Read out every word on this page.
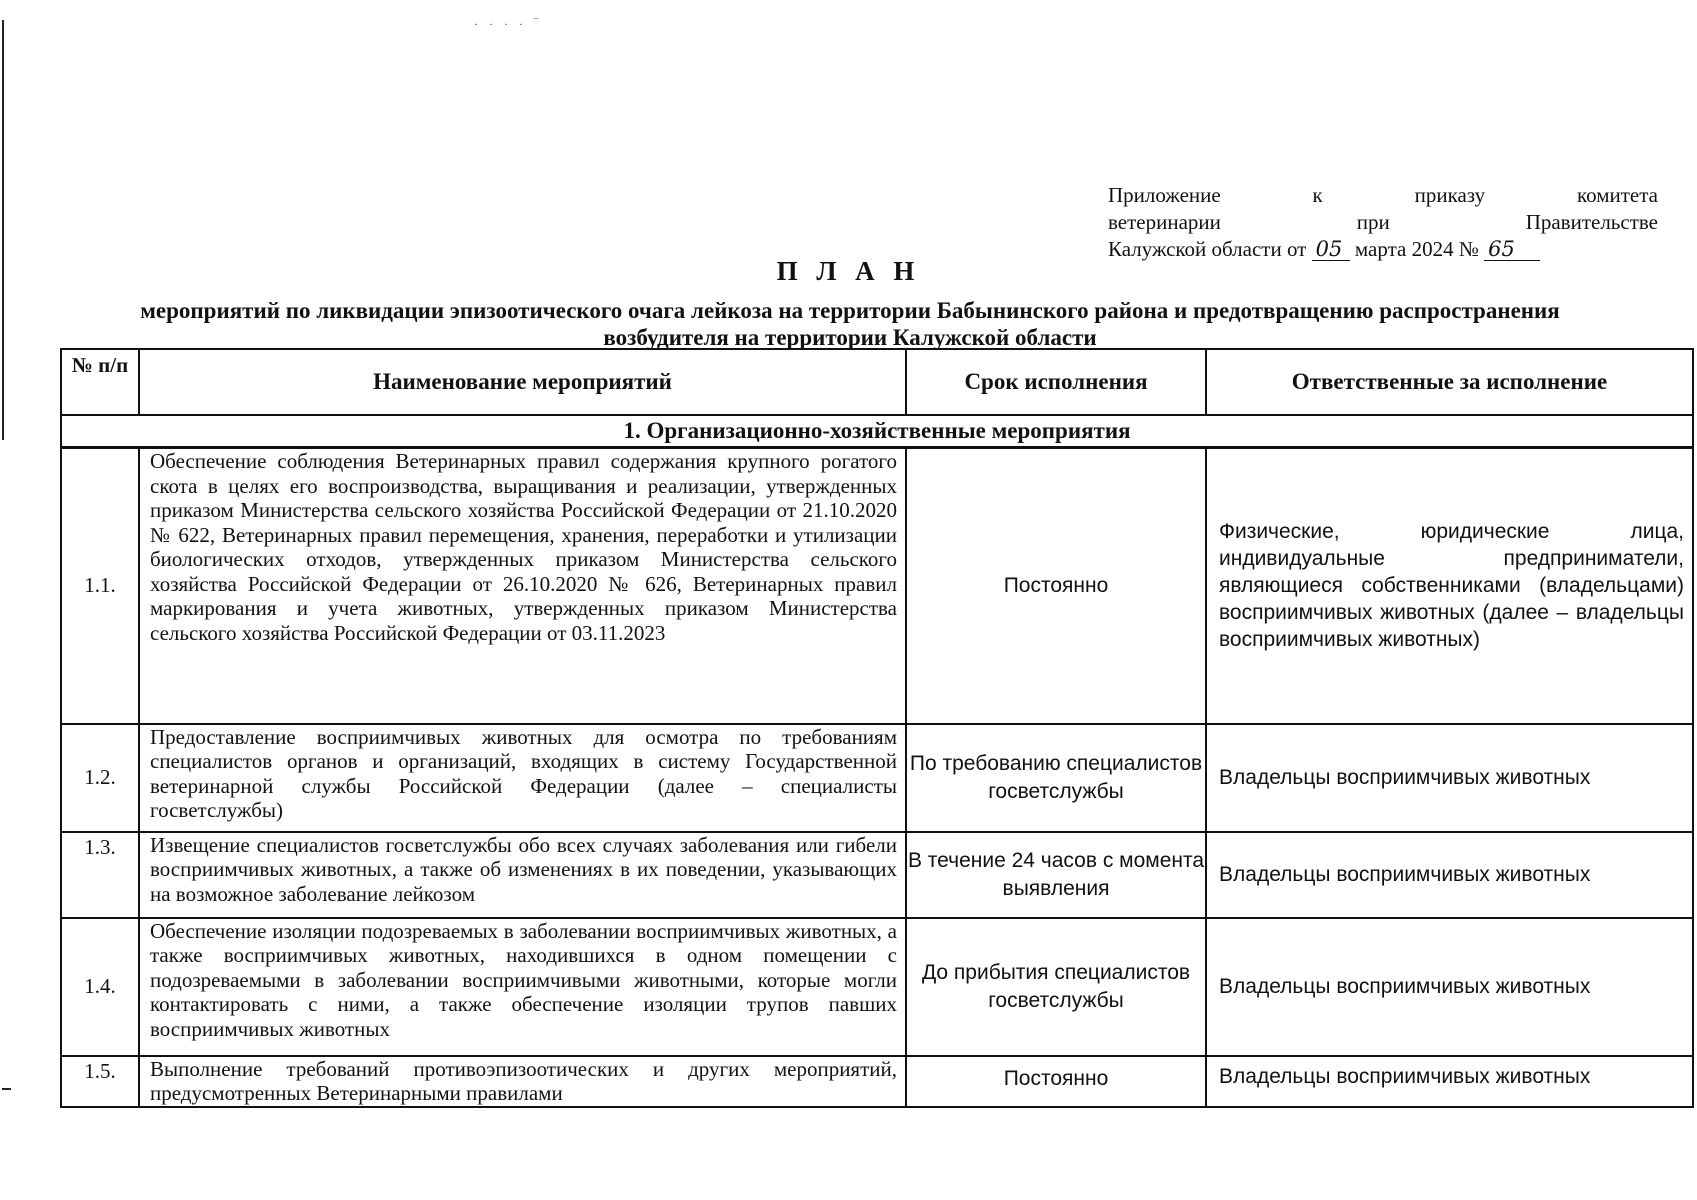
· · · · ‾
Приложение к приказу комитета
ветеринарии при Правительстве
Калужской области от 05 марта 2024 № 65
П Л А Н
мероприятий по ликвидации эпизоотического очага лейкоза на территории Бабынинского района и предотвращению распространения возбудителя на территории Калужской области
№ п/п	Наименование мероприятий	Срок исполнения	Ответственные за исполнение
1. Организационно-хозяйственные мероприятия			
1.1.	Обеспечение соблюдения Ветеринарных правил содержания крупного рогатого скота в целях его воспроизводства, выращивания и реализации, утвержденных приказом Министерства сельского хозяйства Российской Федерации от 21.10.2020 № 622, Ветеринарных правил перемещения, хранения, переработки и утилизации биологических отходов, утвержденных приказом Министерства сельского хозяйства Российской Федерации от 26.10.2020 № 626, Ветеринарных правил маркирования и учета животных, утвержденных приказом Министерства сельского хозяйства Российской Федерации от 03.11.2023	Постоянно	Физические, юридические лица, индивидуальные предприниматели, являющиеся собственниками (владельцами) восприимчивых животных (далее – владельцы восприимчивых животных)
1.2.	Предоставление восприимчивых животных для осмотра по требованиям специалистов органов и организаций, входящих в систему Государственной ветеринарной службы Российской Федерации (далее – специалисты госветслужбы)	По требованию специалистов госветслужбы	Владельцы восприимчивых животных
1.3.	Извещение специалистов госветслужбы обо всех случаях заболевания или гибели восприимчивых животных, а также об изменениях в их поведении, указывающих на возможное заболевание лейкозом	В течение 24 часов с момента выявления	Владельцы восприимчивых животных
1.4.	Обеспечение изоляции подозреваемых в заболевании восприимчивых животных, а также восприимчивых животных, находившихся в одном помещении с подозреваемыми в заболевании восприимчивыми животными, которые могли контактировать с ними, а также обеспечение изоляции трупов павших восприимчивых животных	До прибытия специалистов госветслужбы	Владельцы восприимчивых животных
1.5.	Выполнение требований противоэпизоотических и других мероприятий, предусмотренных Ветеринарными правилами	Постоянно	Владельцы восприимчивых животных
